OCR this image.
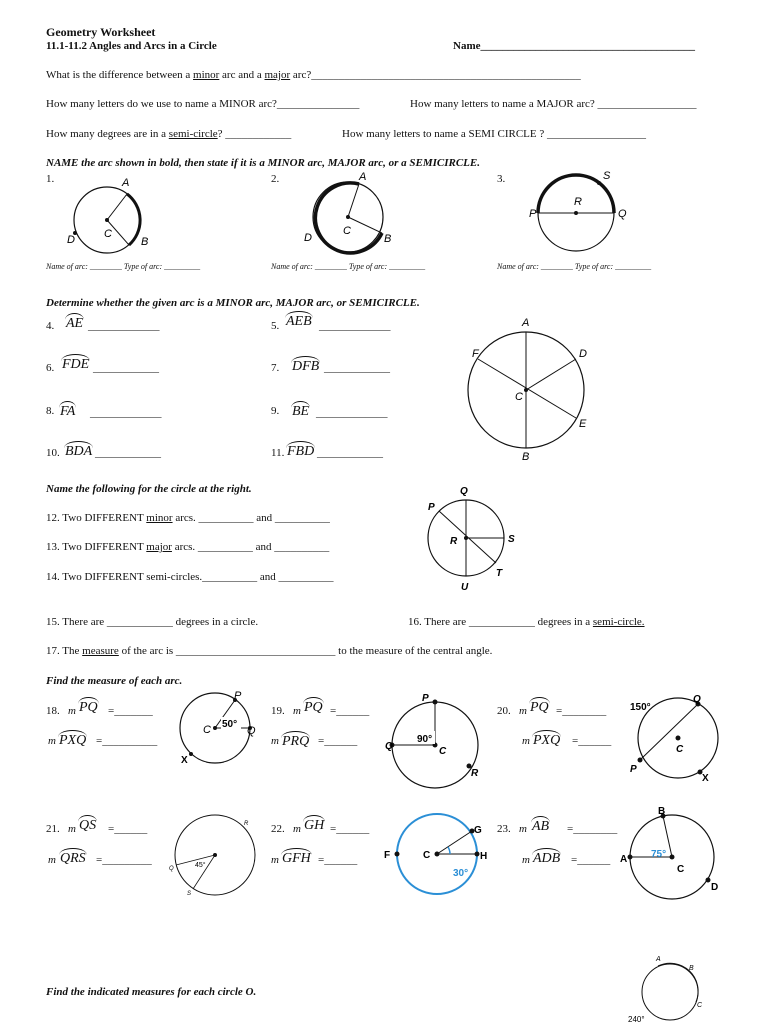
Geometry Worksheet
11.1-11.2 Angles and Arcs in a Circle	Name_______________________________________
What is the difference between a minor arc and a major arc?_________________________________________________
How many letters do we use to name a MINOR arc?_______________	How many letters to name a MAJOR arc? __________________
How many degrees are in a semi-circle? ____________	How many letters to name a SEMI CIRCLE ? __________________
NAME the arc shown in bold, then state if it is a MINOR arc, MAJOR arc, or a SEMICIRCLE.
1.	2.	3.
A
B
C
D
A
B
C
D
S
R
P	Q
Name of arc: ________ Type of arc: _________	Name of arc: ________ Type of arc: _________	Name of arc: ________ Type of arc: _________
Determine whether the given arc is a MINOR arc, MAJOR arc, or SEMICIRCLE.
4. AE _____________	5. AEB _____________
6. FDE ____________	7. DFB ____________
8. FA _____________	9. BE _____________
10. BDA ____________	11. FBD ____________
A
D
E
B
F
C
Name the following for the circle at the right.
12. Two DIFFERENT minor arcs. __________ and __________
13. Two DIFFERENT major arcs. __________ and __________
14. Two DIFFERENT semi-circles.__________ and __________
Q
P
R	S
T
U
15. There are ____________ degrees in a circle.	16. There are ____________ degrees in a semi-circle.
17. The measure of the arc is _____________________________ to the measure of the central angle.
Find the measure of each arc.
18. m PQ =_______
m PXQ =__________
50°
P
Q
C
X
19. m PQ =______
m PRQ =______	90°
P
Q	C
R
20. m PQ =________
m PXQ =______
150°
Q
P
C
X
21. m QS =______
m QRS =_________	45°
R
Q
S
22. m GH =______
m GFH =______
30°
F	C
G
H
23. m AB =________
m ADB =______	75°
B
A
C
D
Find the indicated measures for each circle O.
A
B
C
240°
